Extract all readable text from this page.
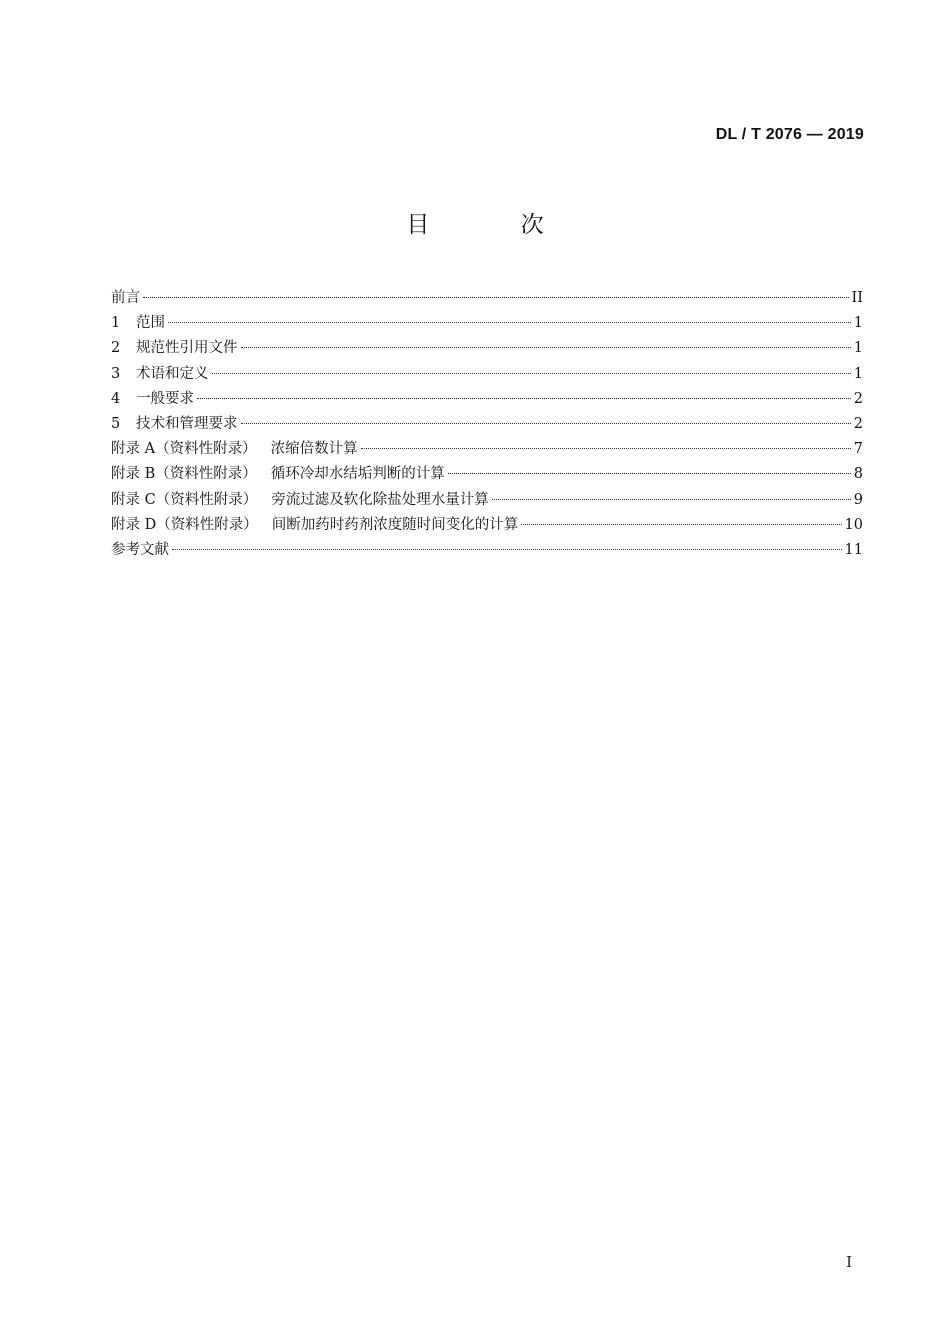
DL / T 2076 — 2019
目 次
前言	II
1	范围	1
2	规范性引用文件	1
3	术语和定义	1
4	一般要求	2
5	技术和管理要求	2
附录 A（资料性附录） 浓缩倍数计算	7
附录 B（资料性附录） 循环冷却水结垢判断的计算	8
附录 C（资料性附录） 旁流过滤及软化除盐处理水量计算	9
附录 D（资料性附录） 间断加药时药剂浓度随时间变化的计算	10
参考文献	11
I
